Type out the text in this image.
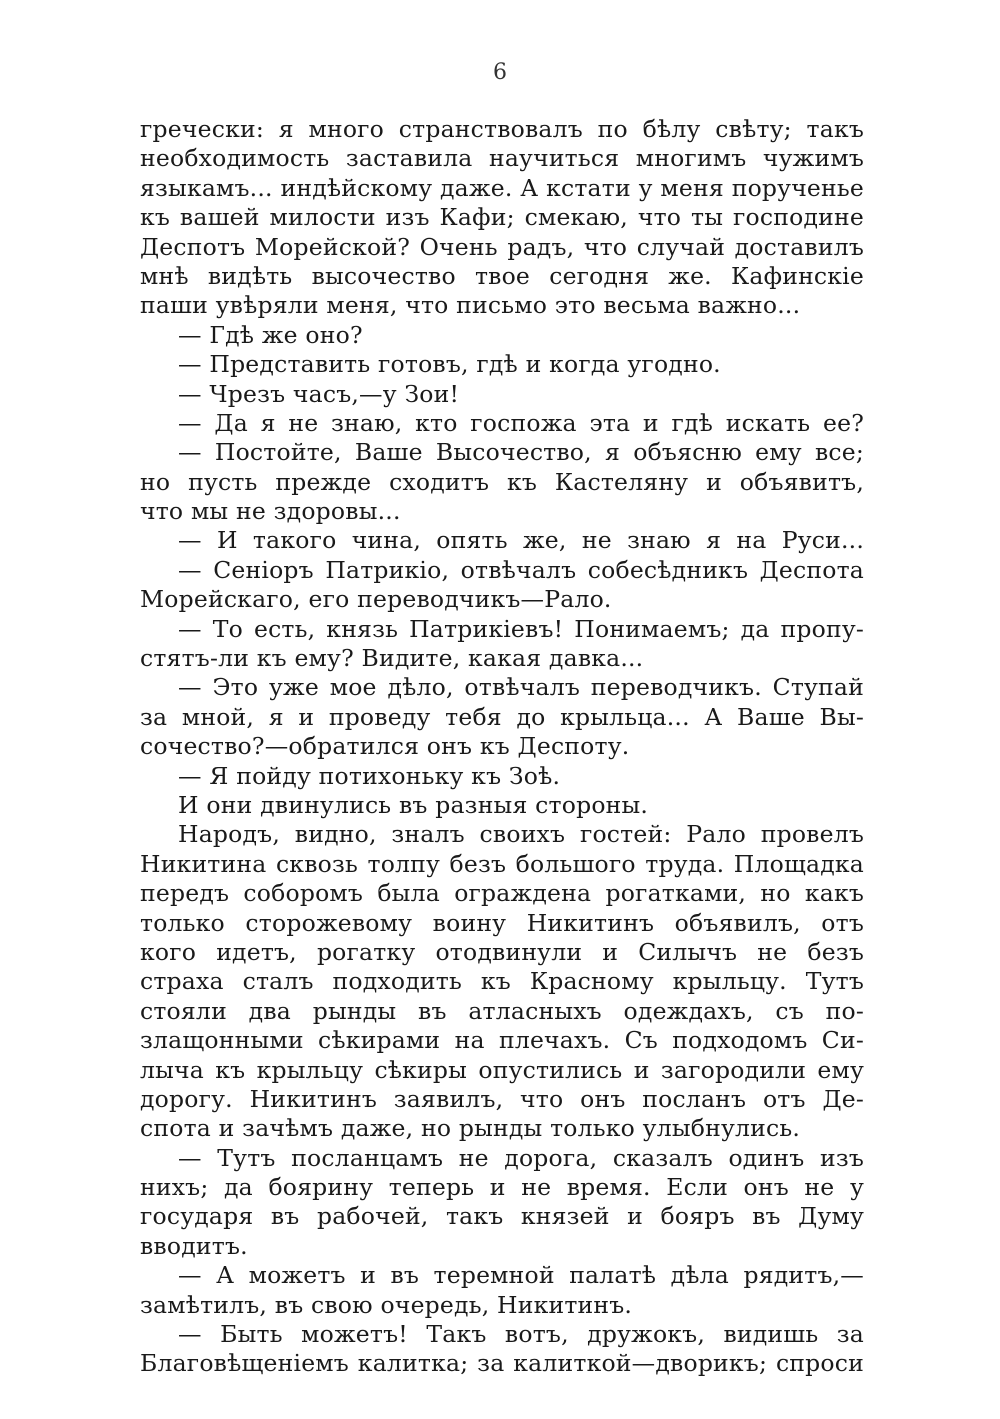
6
гречески: я много странствовалъ по бѣлу свѣту; такъ
необходимость заставила научиться многимъ чужимъ
языкамъ... индѣйскому даже. А кстати у меня порученье
къ вашей милости изъ Кафи; смекаю, что ты господине
Деспотъ Морейской? Очень радъ, что случай доставилъ
мнѣ видѣть высочество твое сегодня же. Кафинскіе
паши увѣряли меня, что письмо это весьма важно...
— Гдѣ же оно?
— Представить готовъ, гдѣ и когда угодно.
— Чрезъ часъ,—у Зои!
— Да я не знаю, кто госпожа эта и гдѣ искать ее?
— Постойте, Ваше Высочество, я объясню ему все;
но пусть прежде сходитъ къ Кастеляну и объявитъ,
что мы не здоровы...
— И такого чина, опять же, не знаю я на Руси...
— Сеніоръ Патрикіо, отвѣчалъ собесѣдникъ Деспота
Морейскаго, его переводчикъ—Рало.
— То есть, князь Патрикіевъ! Понимаемъ; да пропу-
стятъ-ли къ ему? Видите, какая давка...
— Это уже мое дѣло, отвѣчалъ переводчикъ. Ступай
за мной, я и проведу тебя до крыльца... А Ваше Вы-
сочество?—обратился онъ къ Деспоту.
— Я пойду потихоньку къ Зоѣ.
И они двинулись въ разныя стороны.
Народъ, видно, зналъ своихъ гостей: Рало провелъ
Никитина сквозь толпу безъ большого труда. Площадка
передъ соборомъ была ограждена рогатками, но какъ
только сторожевому воину Никитинъ объявилъ, отъ
кого идетъ, рогатку отодвинули и Силычъ не безъ
страха сталъ подходить къ Красному крыльцу. Тутъ
стояли два рынды въ атласныхъ одеждахъ, съ по-
злащонными сѣкирами на плечахъ. Съ подходомъ Си-
лыча къ крыльцу сѣкиры опустились и загородили ему
дорогу. Никитинъ заявилъ, что онъ посланъ отъ Де-
спота и зачѣмъ даже, но рынды только улыбнулись.
— Тутъ посланцамъ не дорога, сказалъ одинъ изъ
нихъ; да боярину теперь и не время. Если онъ не у
государя въ рабочей, такъ князей и бояръ въ Думу
вводитъ.
— А можетъ и въ теремной палатѣ дѣла рядитъ,—
замѣтилъ, въ свою очередь, Никитинъ.
— Быть можетъ! Такъ вотъ, дружокъ, видишь за
Благовѣщеніемъ калитка; за калиткой—дворикъ; спроси
